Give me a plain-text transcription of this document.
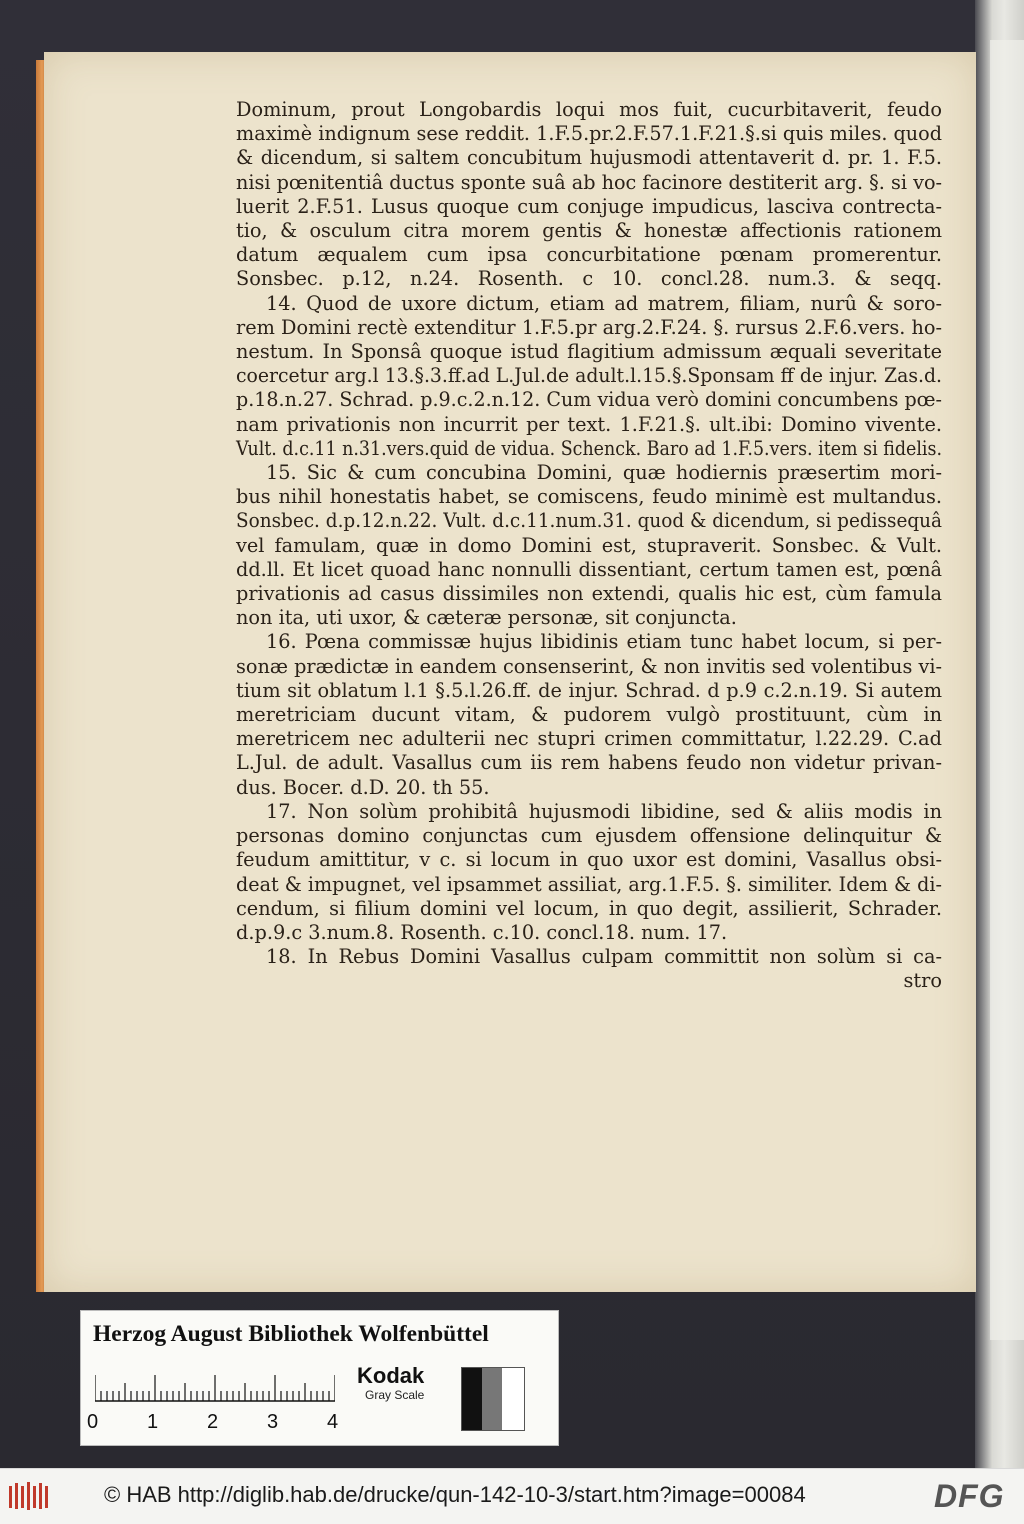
Dominum, prout Longobardis loqui mos fuit, cucurbitaverit, feudo

maximè indignum sese reddit. 1.F.5.pr.2.F.57.1.F.21.§.si quis miles. quod

& dicendum, si saltem concubitum hujusmodi attentaverit d. pr. 1. F.5.

nisi pœnitentiâ ductus sponte suâ ab hoc facinore destiterit arg. §. si vo-

luerit 2.F.51. Lusus quoque cum conjuge impudicus, lasciva contrecta-

tio, & osculum citra morem gentis & honestæ affectionis rationem

datum æqualem cum ipsa concurbitatione pœnam promerentur.

Sonsbec. p.12, n.24. Rosenth. c 10. concl.28. num.3. & seqq.

14. Quod de uxore dictum, etiam ad matrem, filiam, nurû & soro-

rem Domini rectè extenditur 1.F.5.pr arg.2.F.24. §. rursus 2.F.6.vers. ho-

nestum. In Sponsâ quoque istud flagitium admissum æquali severitate

coercetur arg.l 13.§.3.ff.ad L.Jul.de adult.l.15.§.Sponsam ff de injur. Zas.d.

p.18.n.27. Schrad. p.9.c.2.n.12. Cum vidua verò domini concumbens pœ-

nam privationis non incurrit per text. 1.F.21.§. ult.ibi: Domino vivente.

Vult. d.c.11 n.31.vers.quid de vidua. Schenck. Baro ad 1.F.5.vers. item si fidelis.

15. Sic & cum concubina Domini, quæ hodiernis præsertim mori-

bus nihil honestatis habet, se comiscens, feudo minimè est multandus.

Sonsbec. d.p.12.n.22. Vult. d.c.11.num.31. quod & dicendum, si pedissequâ

vel famulam, quæ in domo Domini est, stupraverit. Sonsbec. & Vult.

dd.ll. Et licet quoad hanc nonnulli dissentiant, certum tamen est, pœnâ

privationis ad casus dissimiles non extendi, qualis hic est, cùm famula

non ita, uti uxor, & cæteræ personæ, sit conjuncta.

16. Pœna commissæ hujus libidinis etiam tunc habet locum, si per-

sonæ prædictæ in eandem consenserint, & non invitis sed volentibus vi-

tium sit oblatum l.1 §.5.l.26.ff. de injur. Schrad. d p.9 c.2.n.19. Si autem

meretriciam ducunt vitam, & pudorem vulgò prostituunt, cùm in

meretricem nec adulterii nec stupri crimen committatur, l.22.29. C.ad

L.Jul. de adult. Vasallus cum iis rem habens feudo non videtur privan-

dus. Bocer. d.D. 20. th 55.

17. Non solùm prohibitâ hujusmodi libidine, sed & aliis modis in

personas domino conjunctas cum ejusdem offensione delinquitur &

feudum amittitur, v c. si locum in quo uxor est domini, Vasallus obsi-

deat & impugnet, vel ipsammet assiliat, arg.1.F.5. §. similiter. Idem & di-

cendum, si filium domini vel locum, in quo degit, assilierit, Schrader.

d.p.9.c 3.num.8. Rosenth. c.10. concl.18. num. 17.

18. In Rebus Domini Vasallus culpam committit non solùm si ca-

stro

Herzog August Bibliothek Wolfenbüttel
0 1 2 3 4
Kodak
Gray Scale
© HAB http://diglib.hab.de/drucke/qun-142-10-3/start.htm?image=00084	DFG
